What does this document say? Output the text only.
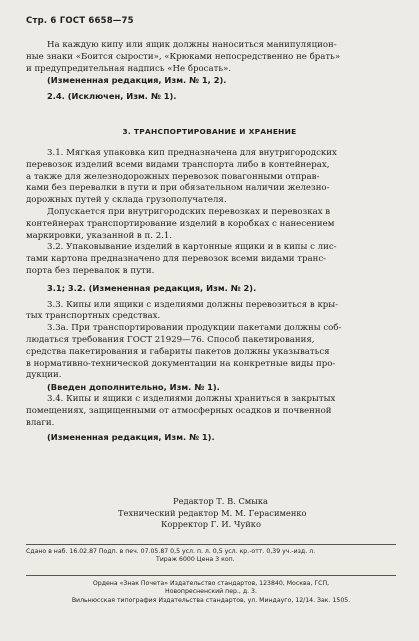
Стр. 6 ГОСТ 6658—75

На каждую кипу или ящик должны наноситься манипуляцион-
ные знаки «Боится сырости», «Крюками непосредственно не брать»
и предупредительная надпись «Не бросать».

(Измененная редакция, Изм. № 1, 2).

2.4. (Исключен, Изм. № 1).

3. ТРАНСПОРТИРОВАНИЕ И ХРАНЕНИЕ

3.1. Мягкая упаковка кип предназначена для внутригородских
перевозок изделий всеми видами транспорта либо в контейнерах,
а также для железнодорожных перевозок повагонными отправ-
ками без перевалки в пути и при обязательном наличии железно-
дорожных путей у склада грузополучателя.

Допускается при внутригородских перевозках и перевозках в
контейнерах транспортирование изделий в коробках с нанесением
маркировки, указанной в п. 2.1.

3.2. Упаковывание изделий в картонные ящики и в кипы с лис-
тами картона предназначено для перевозок всеми видами транс-
порта без перевалок в пути.

3.1; 3.2. (Измененная редакция, Изм. № 2).

3.3. Кипы или ящики с изделиями должны перевозиться в кры-
тых транспортных средствах.

3.3а. При транспортировании продукции пакетами должны соб-
людаться требования ГОСТ 21929—76. Способ пакетирования,
средства пакетирования и габариты пакетов должны указываться
в нормативно-технической документации на конкретные виды про-
дукции.

(Введен дополнительно, Изм. № 1).

3.4. Кипы и ящики с изделиями должны храниться в закрытых
помещениях, защищенными от атмосферных осадков и почвенной
влаги.

(Измененная редакция, Изм. № 1).

Редактор Т. В. Смыка
Технический редактор М. М. Герасименко
Корректор Г. И. Чуйко
Сдано в наб. 16.02.87 Подп. в печ. 07.05.87 0,5 усл. п. л. 0,5 усл. кр.-отт. 0,39 уч.-изд. л.
Тираж 6000 Цена 3 коп.
Ордена «Знак Почета» Издательство стандартов, 123840, Москва, ГСП,
Новопресненский пер., д. 3.
Вильнюсская типография Издательства стандартов, ул. Миндауго, 12/14. Зак. 1505.
